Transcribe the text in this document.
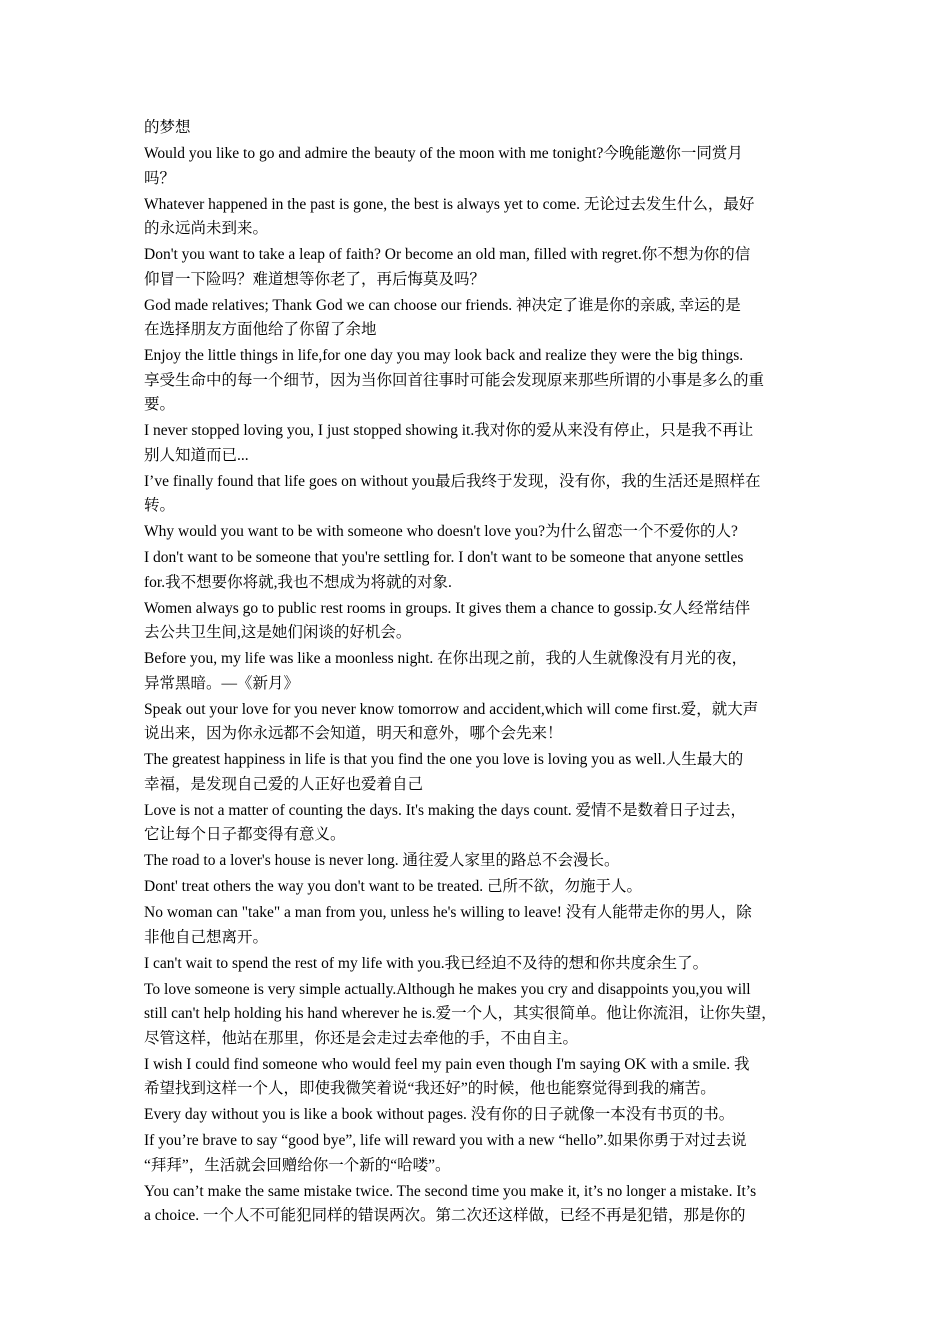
的梦想
Would you like to go and admire the beauty of the moon with me tonight?今晚能邀你一同赏月
吗？
Whatever happened in the past is gone, the best is always yet to come. 无论过去发生什么，最好
的永远尚未到来。
Don't you want to take a leap of faith? Or become an old man, filled with regret.你不想为你的信
仰冒一下险吗？难道想等你老了，再后悔莫及吗？
God made relatives; Thank God we can choose our friends. 神决定了谁是你的亲戚, 幸运的是
在选择朋友方面他给了你留了余地
Enjoy the little things in life,for one day you may look back and realize they were the big things.
享受生命中的每一个细节，因为当你回首往事时可能会发现原来那些所谓的小事是多么的重
要。
I never stopped loving you, I just stopped showing it.我对你的爱从来没有停止，只是我不再让
别人知道而已...
I’ve finally found that life goes on without you最后我终于发现，没有你，我的生活还是照样在
转。
Why would you want to be with someone who doesn't love you?为什么留恋一个不爱你的人?
I don't want to be someone that you're settling for. I don't want to be someone that anyone settles
for.我不想要你将就,我也不想成为将就的对象.
Women always go to public rest rooms in groups. It gives them a chance to gossip.女人经常结伴
去公共卫生间,这是她们闲谈的好机会。
Before you, my life was like a moonless night. 在你出现之前，我的人生就像没有月光的夜，
异常黑暗。—《新月》
Speak out your love for you never know tomorrow and accident,which will come first.爱，就大声
说出来，因为你永远都不会知道，明天和意外，哪个会先来！
The greatest happiness in life is that you find the one you love is loving you as well.人生最大的
幸福，是发现自己爱的人正好也爱着自己
Love is not a matter of counting the days. It's making the days count. 爱情不是数着日子过去，
它让每个日子都变得有意义。
The road to a lover's house is never long. 通往爱人家里的路总不会漫长。
Dont' treat others the way you don't want to be treated. 己所不欲，勿施于人。
No woman can "take" a man from you, unless he's willing to leave! 没有人能带走你的男人，除
非他自己想离开。
I can't wait to spend the rest of my life with you.我已经迫不及待的想和你共度余生了。
To love someone is very simple actually.Although he makes you cry and disappoints you,you will
still can't help holding his hand wherever he is.爱一个人，其实很简单。他让你流泪，让你失望，
尽管这样，他站在那里，你还是会走过去牵他的手，不由自主。
I wish I could find someone who would feel my pain even though I'm saying OK with a smile. 我
希望找到这样一个人，即使我微笑着说“我还好”的时候，他也能察觉得到我的痛苦。
Every day without you is like a book without pages. 没有你的日子就像一本没有书页的书。
If you’re brave to say “good bye”, life will reward you with a new “hello”.如果你勇于对过去说
“拜拜”，生活就会回赠给你一个新的“哈喽”。
You can’t make the same mistake twice. The second time you make it, it’s no longer a mistake. It’s
a choice. 一个人不可能犯同样的错误两次。第二次还这样做，已经不再是犯错，那是你的
